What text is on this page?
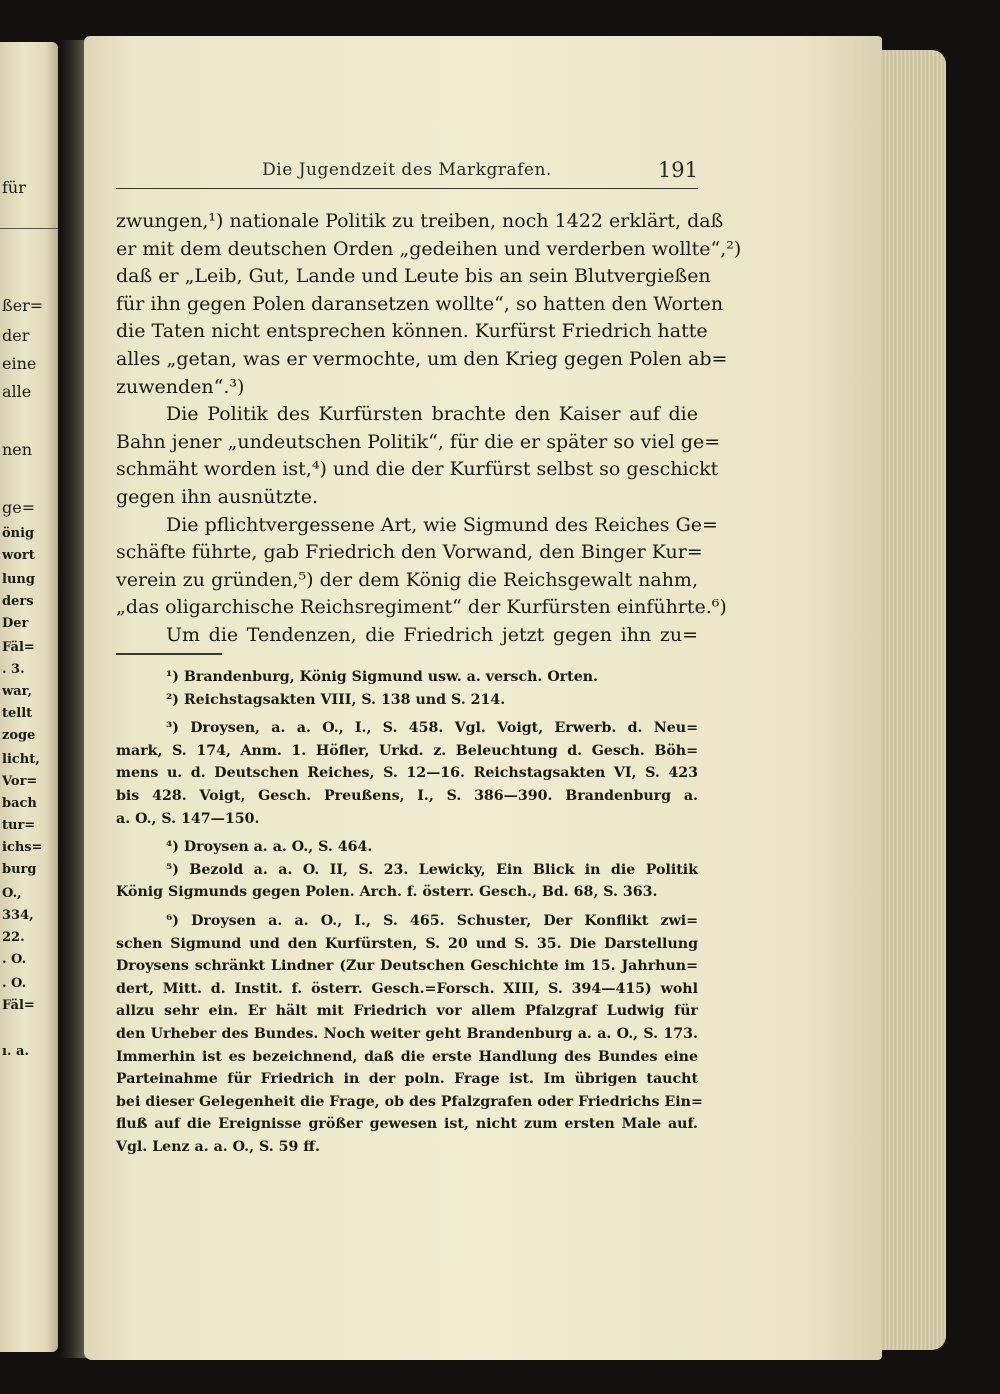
für
ßer=
der
eine
alle
nen
ge=
önig
wort
lung
ders
Der
Fäl=
. 3.
war,
tellt
zoge
licht,
Vor=
bach
tur=
ichs=
burg
O.,
334,
22.
. O.
. O.
Fäl=
ı. a.
Die Jugendzeit des Markgrafen.	191
zwungen,¹) nationale Politik zu treiben, noch 1422 erklärt, daß
er mit dem deutschen Orden „gedeihen und verderben wollte“,²)
daß er „Leib, Gut, Lande und Leute bis an sein Blutvergießen
für ihn gegen Polen daransetzen wollte“, so hatten den Worten
die Taten nicht entsprechen können. Kurfürst Friedrich hatte
alles „getan, was er vermochte, um den Krieg gegen Polen ab=
zuwenden“.³)
Die Politik des Kurfürsten brachte den Kaiser auf die
Bahn jener „undeutschen Politik“, für die er später so viel ge=
schmäht worden ist,⁴) und die der Kurfürst selbst so geschickt
gegen ihn ausnützte.
Die pflichtvergessene Art, wie Sigmund des Reiches Ge=
schäfte führte, gab Friedrich den Vorwand, den Binger Kur=
verein zu gründen,⁵) der dem König die Reichsgewalt nahm,
„das oligarchische Reichsregiment“ der Kurfürsten einführte.⁶)
Um die Tendenzen, die Friedrich jetzt gegen ihn zu=
¹) Brandenburg, König Sigmund usw. a. versch. Orten.
²) Reichstagsakten VIII, S. 138 und S. 214.
³) Droysen, a. a. O., I., S. 458. Vgl. Voigt, Erwerb. d. Neu=
mark, S. 174, Anm. 1. Höfler, Urkd. z. Beleuchtung d. Gesch. Böh=
mens u. d. Deutschen Reiches, S. 12—16. Reichstagsakten VI, S. 423
bis 428. Voigt, Gesch. Preußens, I., S. 386—390. Brandenburg a.
a. O., S. 147—150.
⁴) Droysen a. a. O., S. 464.
⁵) Bezold a. a. O. II, S. 23. Lewicky, Ein Blick in die Politik
König Sigmunds gegen Polen. Arch. f. österr. Gesch., Bd. 68, S. 363.
⁶) Droysen a. a. O., I., S. 465. Schuster, Der Konflikt zwi=
schen Sigmund und den Kurfürsten, S. 20 und S. 35. Die Darstellung
Droysens schränkt Lindner (Zur Deutschen Geschichte im 15. Jahrhun=
dert, Mitt. d. Instit. f. österr. Gesch.=Forsch. XIII, S. 394—415) wohl
allzu sehr ein. Er hält mit Friedrich vor allem Pfalzgraf Ludwig für
den Urheber des Bundes. Noch weiter geht Brandenburg a. a. O., S. 173.
Immerhin ist es bezeichnend, daß die erste Handlung des Bundes eine
Parteinahme für Friedrich in der poln. Frage ist. Im übrigen taucht
bei dieser Gelegenheit die Frage, ob des Pfalzgrafen oder Friedrichs Ein=
fluß auf die Ereignisse größer gewesen ist, nicht zum ersten Male auf.
Vgl. Lenz a. a. O., S. 59 ff.
